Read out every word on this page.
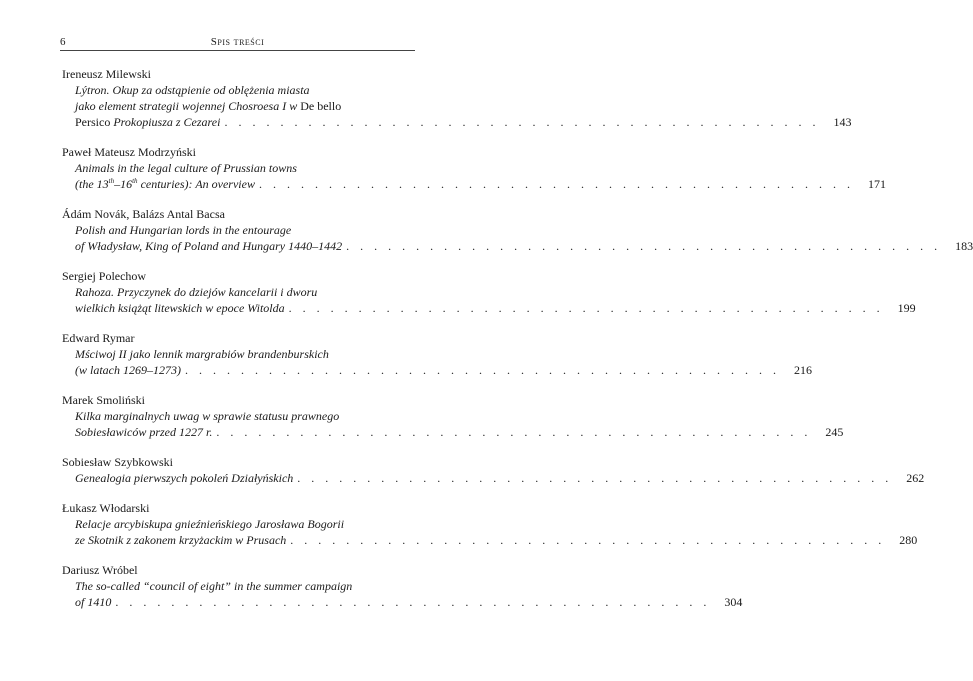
6	Spis treści
Ireneusz Milewski
Lýtron. Okup za odstąpienie od oblężenia miasta
jako element strategii wojennej Chosroesa I w De bello
Persico Prokopiusza z Cezarei . . . . . . . . . . . . . . . . . . . . . . . . . . . . . . . . . . . . . . . . . . .	143
Paweł Mateusz Modrzyński
Animals in the legal culture of Prussian towns
(the 13th–16th centuries): An overview . . . . . . . . . . . . . . . . . . . . . . . . . . . . . . . . . . . . . . . . . . .	171
Ádám Novák, Balázs Antal Bacsa
Polish and Hungarian lords in the entourage
of Władysław, King of Poland and Hungary 1440–1442 . . . . . . . . . . . . . . . . . . . . . . . . . . . . . . . . . . . . . . . . . . .	183
Sergiej Polechow
Rahoza. Przyczynek do dziejów kancelarii i dworu
wielkich książąt litewskich w epoce Witolda . . . . . . . . . . . . . . . . . . . . . . . . . . . . . . . . . . . . . . . . . . .	199
Edward Rymar
Mściwoj II jako lennik margrabiów brandenburskich
(w latach 1269–1273) . . . . . . . . . . . . . . . . . . . . . . . . . . . . . . . . . . . . . . . . . . .	216
Marek Smoliński
Kilka marginalnych uwag w sprawie statusu prawnego
Sobiesławiców przed 1227 r. . . . . . . . . . . . . . . . . . . . . . . . . . . . . . . . . . . . . . . . . . . .	245
Sobiesław Szybkowski
Genealogia pierwszych pokoleń Działyńskich . . . . . . . . . . . . . . . . . . . . . . . . . . . . . . . . . . . . . . . . . . .	262
Łukasz Włodarski
Relacje arcybiskupa gnieźnieńskiego Jarosława Bogorii
ze Skotnik z zakonem krzyżackim w Prusach . . . . . . . . . . . . . . . . . . . . . . . . . . . . . . . . . . . . . . . . . . .	280
Dariusz Wróbel
The so-called “council of eight” in the summer campaign
of 1410 . . . . . . . . . . . . . . . . . . . . . . . . . . . . . . . . . . . . . . . . . . .	304
